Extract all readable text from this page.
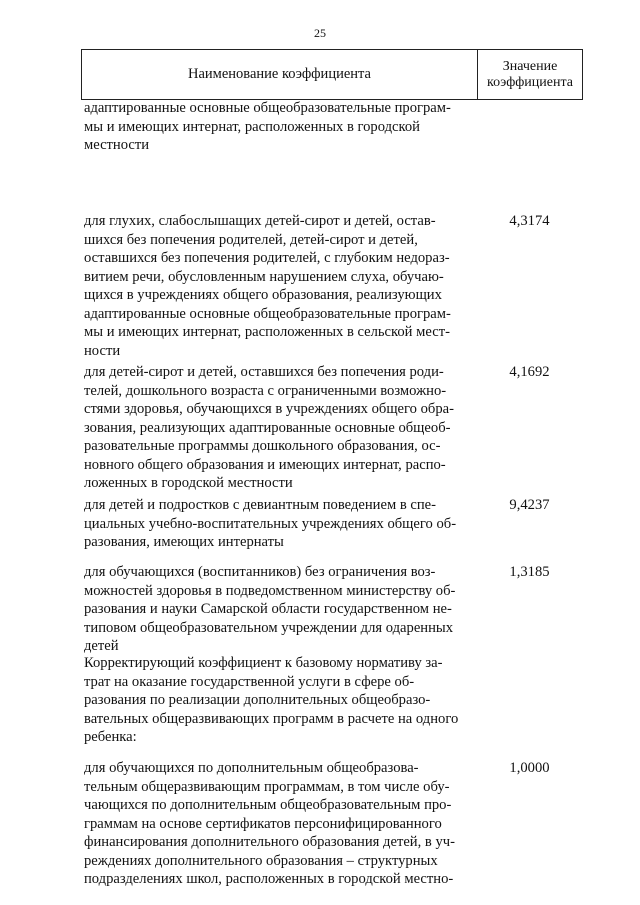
25
Наименование коэффициента	Значение
коэффициента
адаптированные основные общеобразовательные програм-
мы и имеющих интернат, расположенных в городской
местности
для глухих, слабослышащих детей-сирот и детей, остав-
шихся без попечения родителей, детей-сирот и детей,
оставшихся без попечения родителей, с глубоким недораз-
витием речи, обусловленным нарушением слуха, обучаю-
щихся в учреждениях общего образования, реализующих
адаптированные основные общеобразовательные програм-
мы и имеющих интернат, расположенных в сельской мест-
ности
4,3174
для детей-сирот и детей, оставшихся без попечения роди-
телей, дошкольного возраста с ограниченными возможно-
стями здоровья, обучающихся в учреждениях общего обра-
зования, реализующих адаптированные основные общеоб-
разовательные программы дошкольного образования, ос-
новного общего образования и имеющих интернат, распо-
ложенных в городской местности
4,1692
для детей и подростков с девиантным поведением в спе-
циальных учебно-воспитательных учреждениях общего об-
разования, имеющих интернаты
9,4237
для обучающихся (воспитанников) без ограничения воз-
можностей здоровья в подведомственном министерству об-
разования и науки Самарской области государственном не-
типовом общеобразовательном учреждении для одаренных
детей
1,3185
Корректирующий коэффициент к базовому нормативу за-
трат на оказание государственной услуги в сфере об-
разования по реализации дополнительных общеобразо-
вательных общеразвивающих программ в расчете на одного
ребенка:
для обучающихся по дополнительным общеобразова-
тельным общеразвивающим программам, в том числе обу-
чающихся по дополнительным общеобразовательным про-
граммам на основе сертификатов персонифицированного
финансирования дополнительного образования детей, в уч-
реждениях дополнительного образования – структурных
подразделениях школ, расположенных в городской местно-
1,0000
